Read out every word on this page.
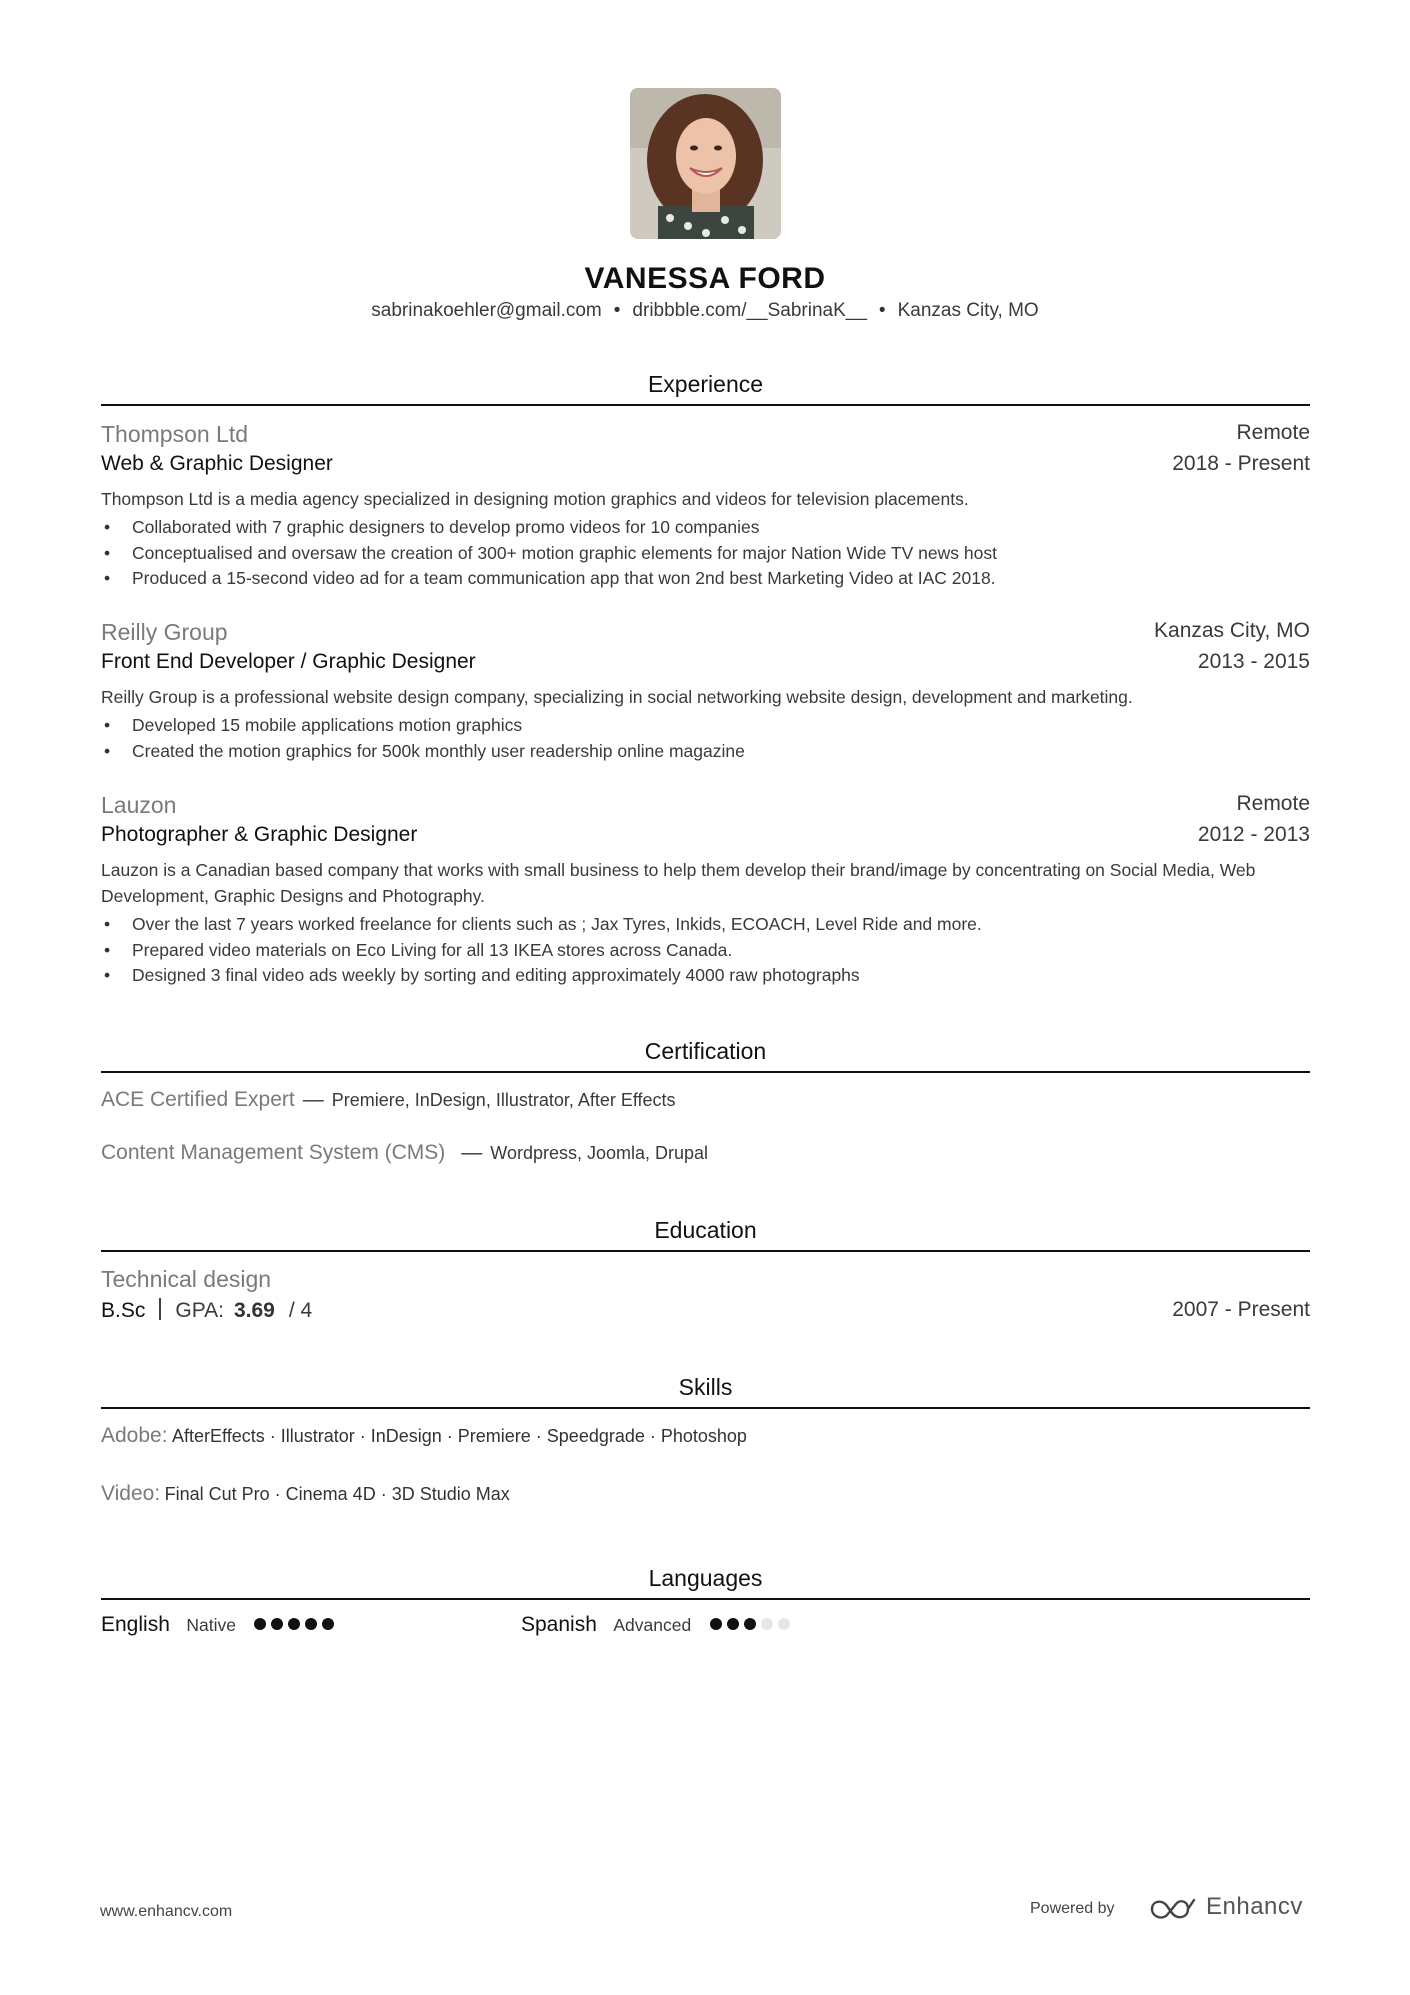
VANESSA FORD
sabrinakoehler@gmail.com • dribbble.com/__SabrinaK__ • Kanzas City, MO
Experience
Thompson Ltd	Remote
Web & Graphic Designer	2018 - Present
Thompson Ltd is a media agency specialized in designing motion graphics and videos for television placements.
• Collaborated with 7 graphic designers to develop promo videos for 10 companies
• Conceptualised and oversaw the creation of 300+ motion graphic elements for major Nation Wide TV news host
• Produced a 15-second video ad for a team communication app that won 2nd best Marketing Video at IAC 2018.
Reilly Group	Kanzas City, MO
Front End Developer / Graphic Designer	2013 - 2015
Reilly Group is a professional website design company, specializing in social networking website design, development and marketing.
• Developed 15 mobile applications motion graphics
• Created the motion graphics for 500k monthly user readership online magazine
Lauzon	Remote
Photographer & Graphic Designer	2012 - 2013
Lauzon is a Canadian based company that works with small business to help them develop their brand/image by concentrating on Social Media, Web Development, Graphic Designs and Photography.
• Over the last 7 years worked freelance for clients such as ; Jax Tyres, Inkids, ECOACH, Level Ride and more.
• Prepared video materials on Eco Living for all 13 IKEA stores across Canada.
• Designed 3 final video ads weekly by sorting and editing approximately 4000 raw photographs
Certification
ACE Certified Expert — Premiere, InDesign, Illustrator, After Effects
Content Management System (CMS) — Wordpress, Joomla, Drupal
Education
Technical design
B.Sc GPA: 3.69 / 4	2007 - Present
Skills
Adobe: AfterEffects · Illustrator · InDesign · Premiere · Speedgrade · Photoshop
Video: Final Cut Pro · Cinema 4D · 3D Studio Max
Languages
English Native	Spanish Advanced
www.enhancv.com	Powered by	Enhancv
